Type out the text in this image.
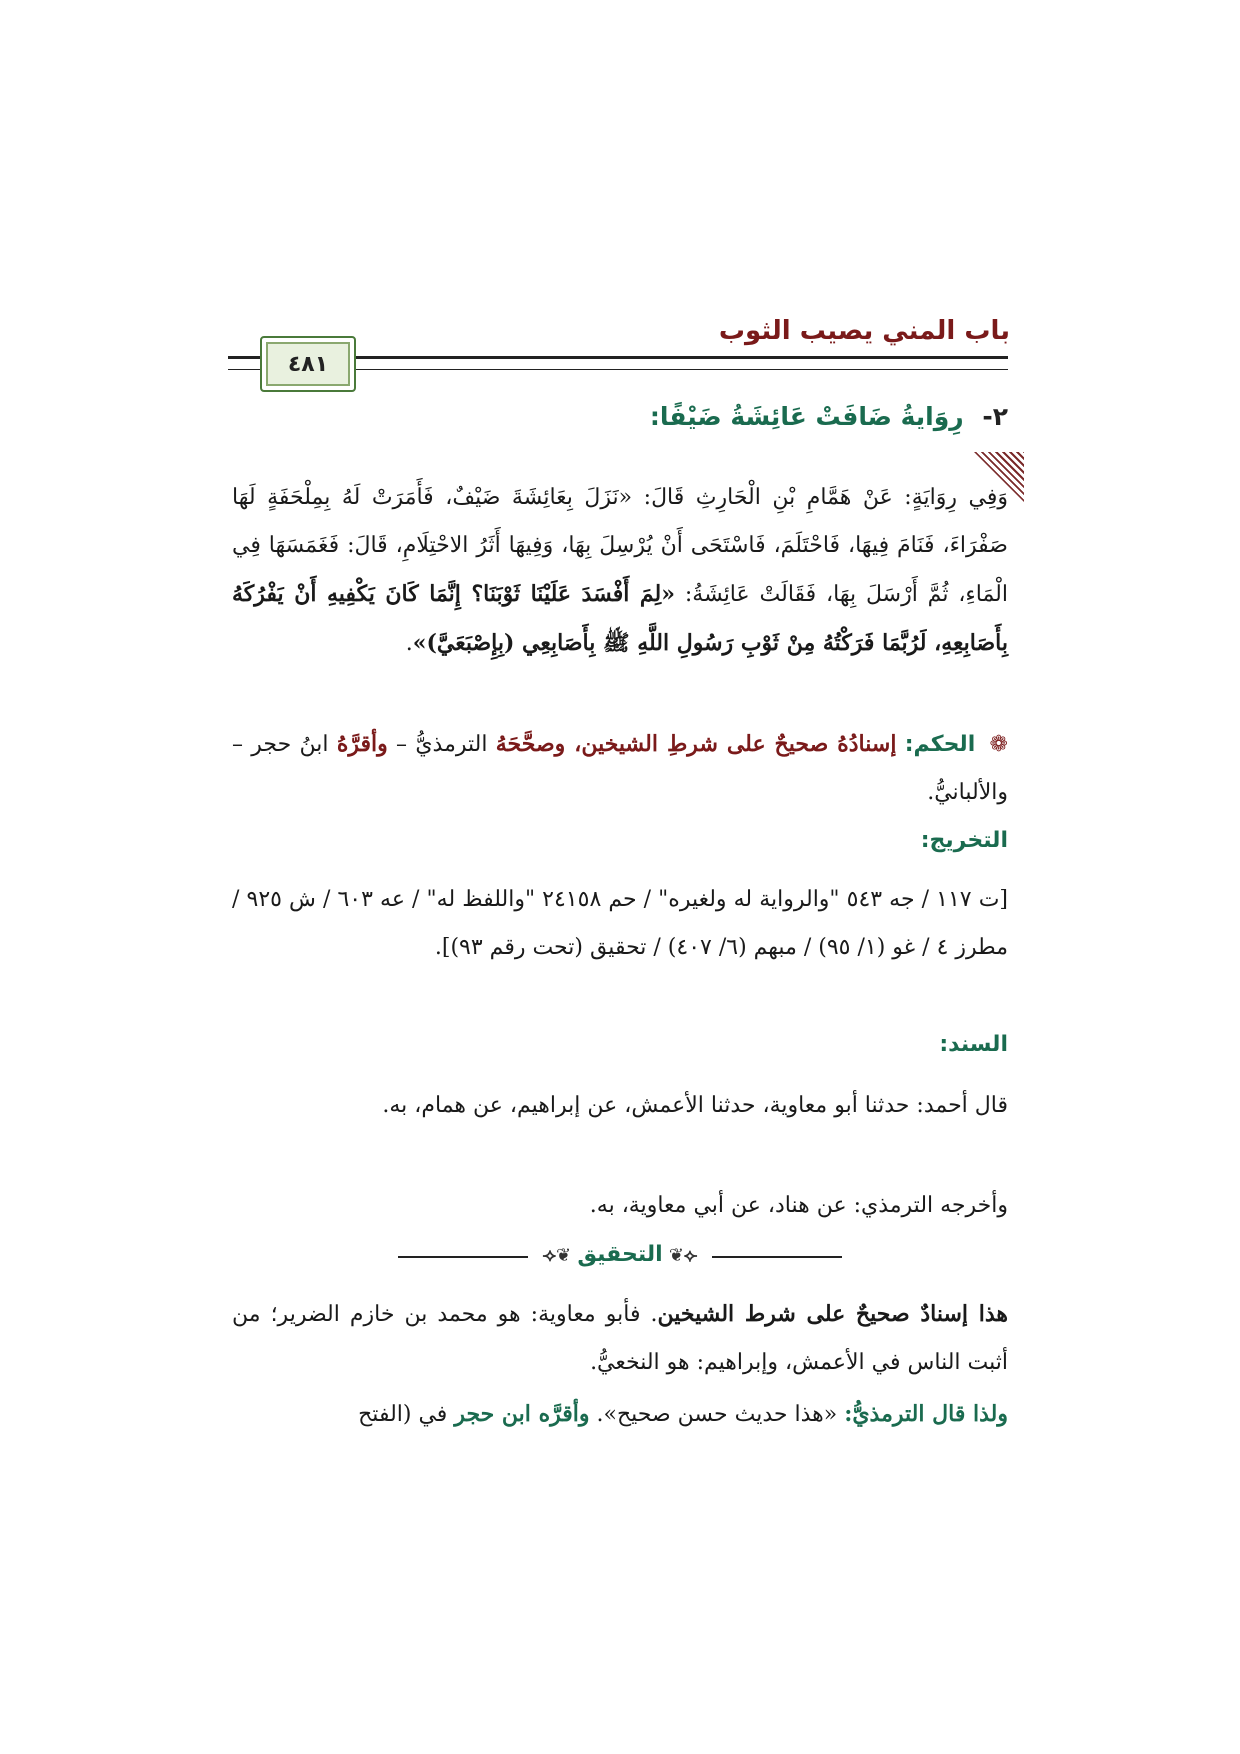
باب المني يصيب الثوب
٤٨١
٢- رِوَايةُ ضَافَتْ عَائِشَةُ ضَيْفًا:
وَفِي رِوَايَةٍ: عَنْ هَمَّامِ بْنِ الْحَارِثِ قَالَ: «نَزَلَ بِعَائِشَةَ ضَيْفٌ، فَأَمَرَتْ لَهُ بِمِلْحَفَةٍ لَهَا صَفْرَاءَ، فَنَامَ فِيهَا، فَاحْتَلَمَ، فَاسْتَحَى أَنْ يُرْسِلَ بِهَا، وَفِيهَا أَثَرُ الاحْتِلَامِ، قَالَ: فَغَمَسَهَا فِي الْمَاءِ، ثُمَّ أَرْسَلَ بِهَا، فَقَالَتْ عَائِشَةُ: «لِمَ أَفْسَدَ عَلَيْنَا ثَوْبَنَا؟ إِنَّمَا كَانَ يَكْفِيهِ أَنْ يَفْرُكَهُ بِأَصَابِعِهِ، لَرُبَّمَا فَرَكْتُهُ مِنْ ثَوْبِ رَسُولِ اللَّهِ ﷺ بِأَصَابِعِي (بِإِصْبَعَيَّ)».
❁ الحكم: إسنادُهُ صحيحٌ على شرطِ الشيخين، وصحَّحَهُ الترمذيُّ – وأقرَّهُ ابنُ حجر – والألبانيُّ.
التخريج:
[ت ١١٧ / جه ٥٤٣ "والرواية له ولغيره" / حم ٢٤١٥٨ "واللفظ له" / عه ٦٠٣ / ش ٩٢٥ / مطرز ٤ / غو (١/ ٩٥) / مبهم (٦/ ٤٠٧) / تحقيق (تحت رقم ٩٣)].
السند:
قال أحمد: حدثنا أبو معاوية، حدثنا الأعمش، عن إبراهيم، عن همام، به.
وأخرجه الترمذي: عن هناد، عن أبي معاوية، به.
⟢❦ التحقيق ❦⟣
هذا إسنادٌ صحيحٌ على شرط الشيخين. فأبو معاوية: هو محمد بن خازم الضرير؛ من أثبت الناس في الأعمش، وإبراهيم: هو النخعيُّ.
ولذا قال الترمذيُّ: «هذا حديث حسن صحيح». وأقرَّه ابن حجر في (الفتح
